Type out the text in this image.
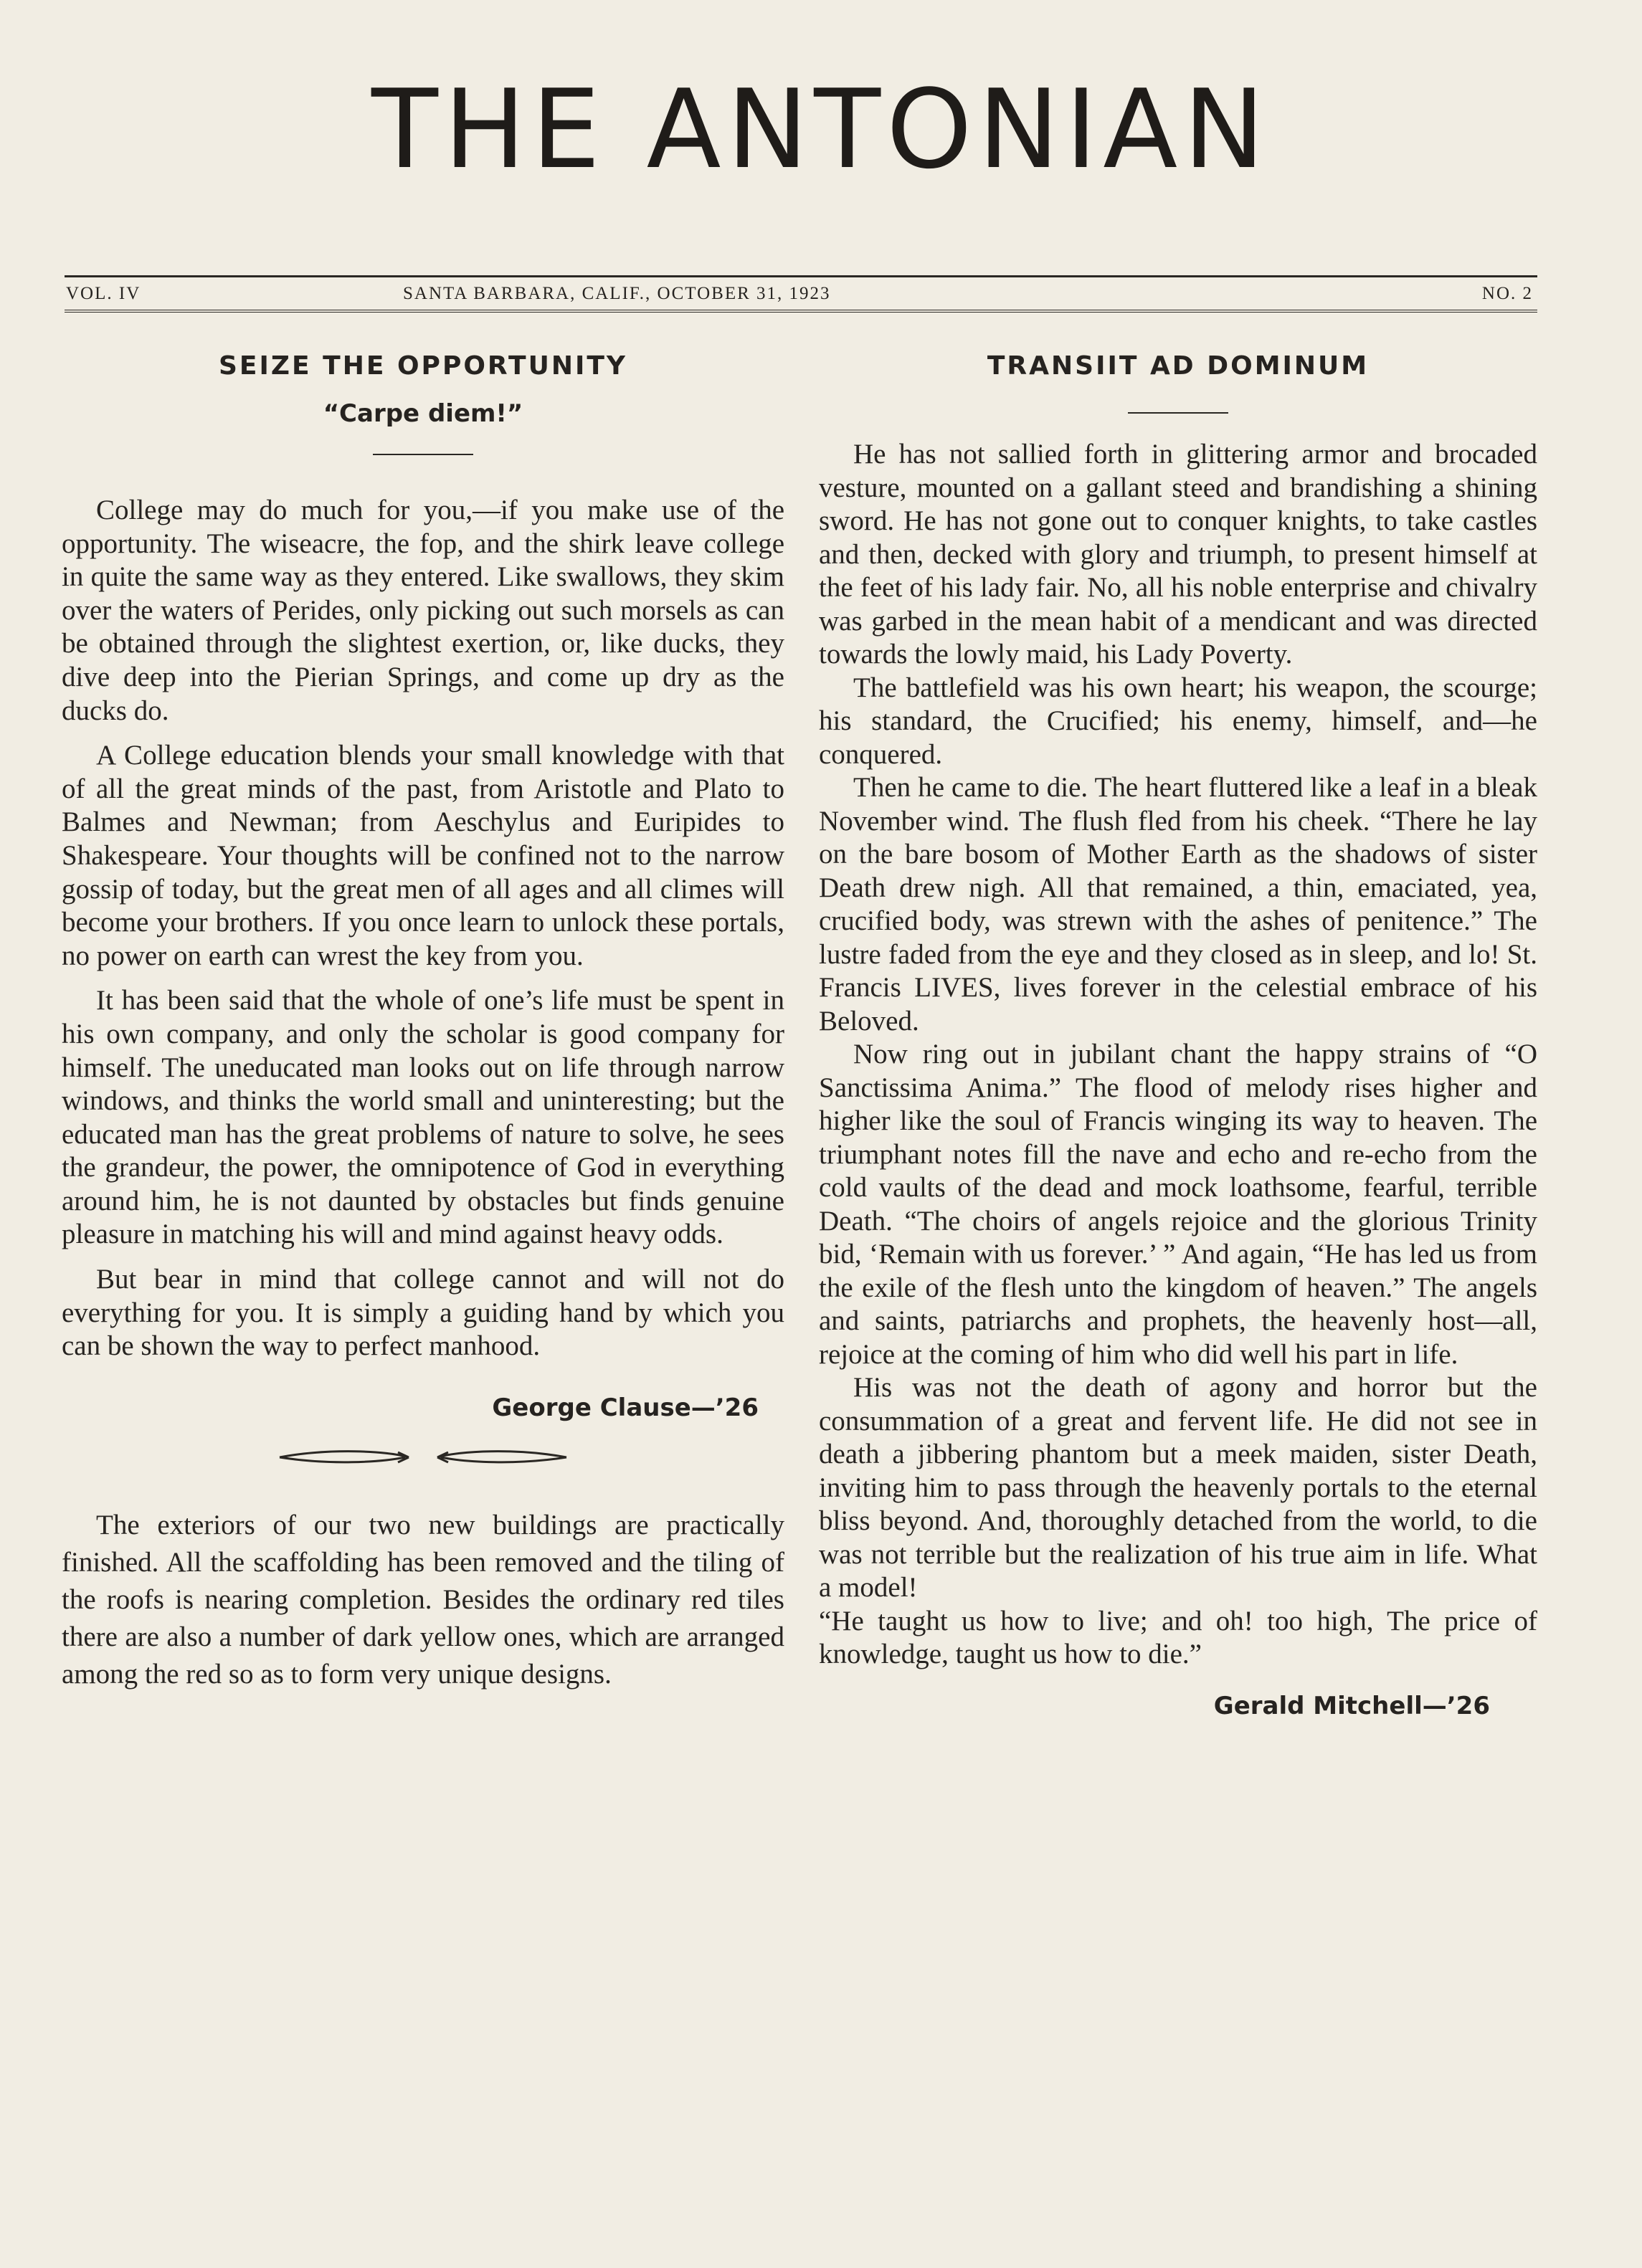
THE ANTONIAN
VOL. IV	SANTA BARBARA, CALIF., OCTOBER 31, 1923	NO. 2
SEIZE THE OPPORTUNITY
“Carpe diem!”

College may do much for you,—if you make use of the opportunity. The wiseacre, the fop, and the shirk leave college in quite the same way as they entered. Like swallows, they skim over the waters of Perides, only picking out such morsels as can be obtained through the slightest exertion, or, like ducks, they dive deep into the Pierian Springs, and come up dry as the ducks do.

A College education blends your small knowledge with that of all the great minds of the past, from Aristotle and Plato to Balmes and Newman; from Aeschylus and Euripides to Shakespeare. Your thoughts will be confined not to the narrow gossip of today, but the great men of all ages and all climes will become your brothers. If you once learn to unlock these portals, no power on earth can wrest the key from you.

It has been said that the whole of one’s life must be spent in his own company, and only the scholar is good company for himself. The uneducated man looks out on life through narrow windows, and thinks the world small and uninteresting; but the educated man has the great problems of nature to solve, he sees the grandeur, the power, the omnipotence of God in everything around him, he is not daunted by obstacles but finds genuine pleasure in matching his will and mind against heavy odds.

But bear in mind that college cannot and will not do everything for you. It is simply a guiding hand by which you can be shown the way to perfect manhood.

George Clause—’26

The exteriors of our two new buildings are practically finished. All the scaffolding has been removed and the tiling of the roofs is nearing completion. Besides the ordinary red tiles there are also a number of dark yellow ones, which are arranged among the red so as to form very unique designs.

TRANSIIT AD DOMINUM

He has not sallied forth in glittering armor and brocaded vesture, mounted on a gallant steed and brandishing a shining sword. He has not gone out to conquer knights, to take castles and then, decked with glory and triumph, to present himself at the feet of his lady fair. No, all his noble enterprise and chivalry was garbed in the mean habit of a mendicant and was directed towards the lowly maid, his Lady Poverty.

The battlefield was his own heart; his weapon, the scourge; his standard, the Crucified; his enemy, himself, and—he conquered.

Then he came to die. The heart fluttered like a leaf in a bleak November wind. The flush fled from his cheek. “There he lay on the bare bosom of Mother Earth as the shadows of sister Death drew nigh. All that remained, a thin, emaciated, yea, crucified body, was strewn with the ashes of penitence.” The lustre faded from the eye and they closed as in sleep, and lo! St. Francis LIVES, lives forever in the celestial embrace of his Beloved.

Now ring out in jubilant chant the happy strains of “O Sanctissima Anima.” The flood of melody rises higher and higher like the soul of Francis winging its way to heaven. The triumphant notes fill the nave and echo and re-echo from the cold vaults of the dead and mock loathsome, fearful, terrible Death. “The choirs of angels rejoice and the glorious Trinity bid, ‘Remain with us forever.’ ” And again, “He has led us from the exile of the flesh unto the kingdom of heaven.” The angels and saints, patriarchs and prophets, the heavenly host—all, rejoice at the coming of him who did well his part in life.

His was not the death of agony and horror but the consummation of a great and fervent life. He did not see in death a jibbering phantom but a meek maiden, sister Death, inviting him to pass through the heavenly portals to the eternal bliss beyond. And, thoroughly detached from the world, to die was not terrible but the realization of his true aim in life. What a model!

“He taught us how to live; and oh! too high, The price of knowledge, taught us how to die.”

Gerald Mitchell—’26
